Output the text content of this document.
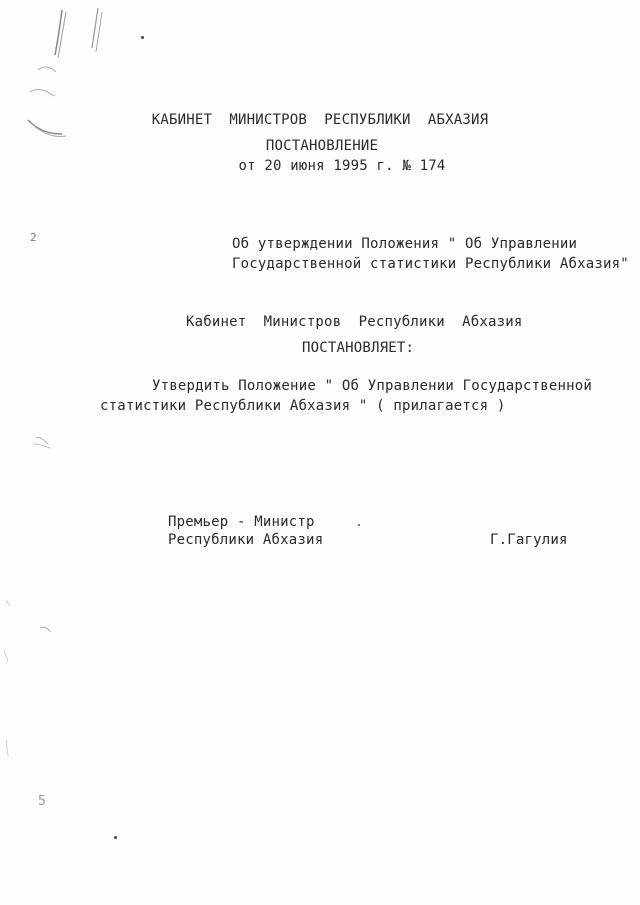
2
5
КАБИНЕТ  МИНИСТРОВ  РЕСПУБЛИКИ  АБХАЗИЯ
ПОСТАНОВЛЕНИЕ
от 20 июня 1995 г. № 174
Об утверждении Положения " Об Управлении
Государственной статистики Республики Абхазия"
Кабинет  Министров  Республики  Абхазия
ПОСТАНОВЛЯЕТ:
Утвердить Положение " Об Управлении Государственной
статистики Республики Абхазия " ( прилагается )
Премьер - Министр
Республики Абхазия	Г.Гагулия
